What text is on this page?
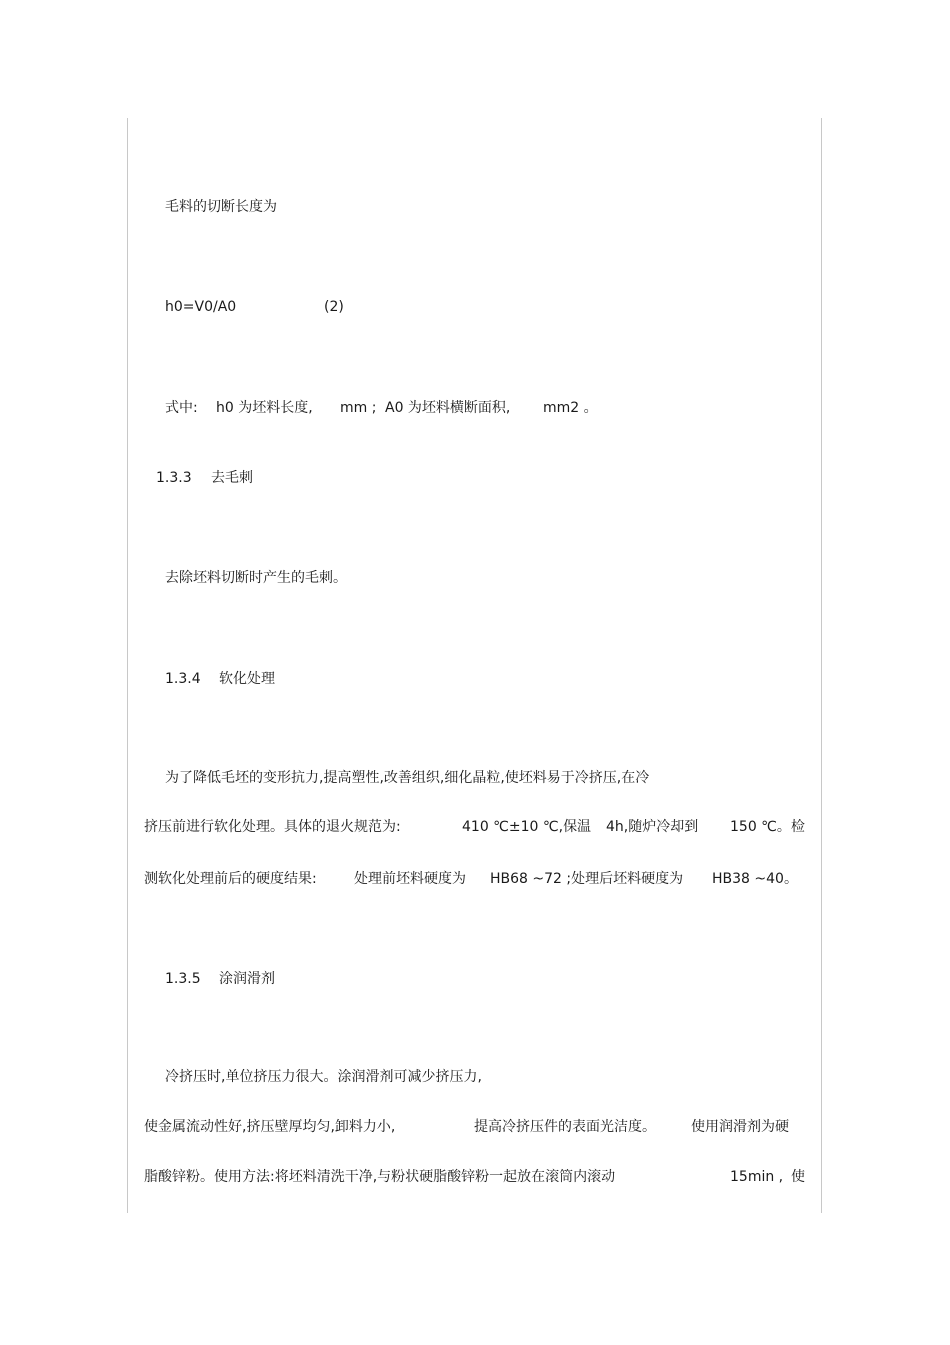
毛料的切断长度为
h0=V0/A0	(2)
式中: h0 为坯料长度, mm ; A0 为坯料横断面积, mm2 。
1.3.3 去毛刺
去除坯料切断时产生的毛刺。
1.3.4 软化处理
为了降低毛坯的变形抗力,提高塑性,改善组织,细化晶粒,使坯料易于冷挤压,在冷
挤压前进行软化处理。具体的退火规范为:	410 ℃±10 ℃,保温 4h,随炉冷却到 150 ℃。检
测软化处理前后的硬度结果:	处理前坯料硬度为 HB68 ~72 ;处理后坯料硬度为 HB38 ~40。
1.3.5 涂润滑剂
冷挤压时,单位挤压力很大。涂润滑剂可减少挤压力,
使金属流动性好,挤压壁厚均匀,卸料力小,	提高冷挤压件的表面光洁度。	使用润滑剂为硬
脂酸锌粉。使用方法:将坯料清洗干净,与粉状硬脂酸锌粉一起放在滚筒内滚动	15min , 使
